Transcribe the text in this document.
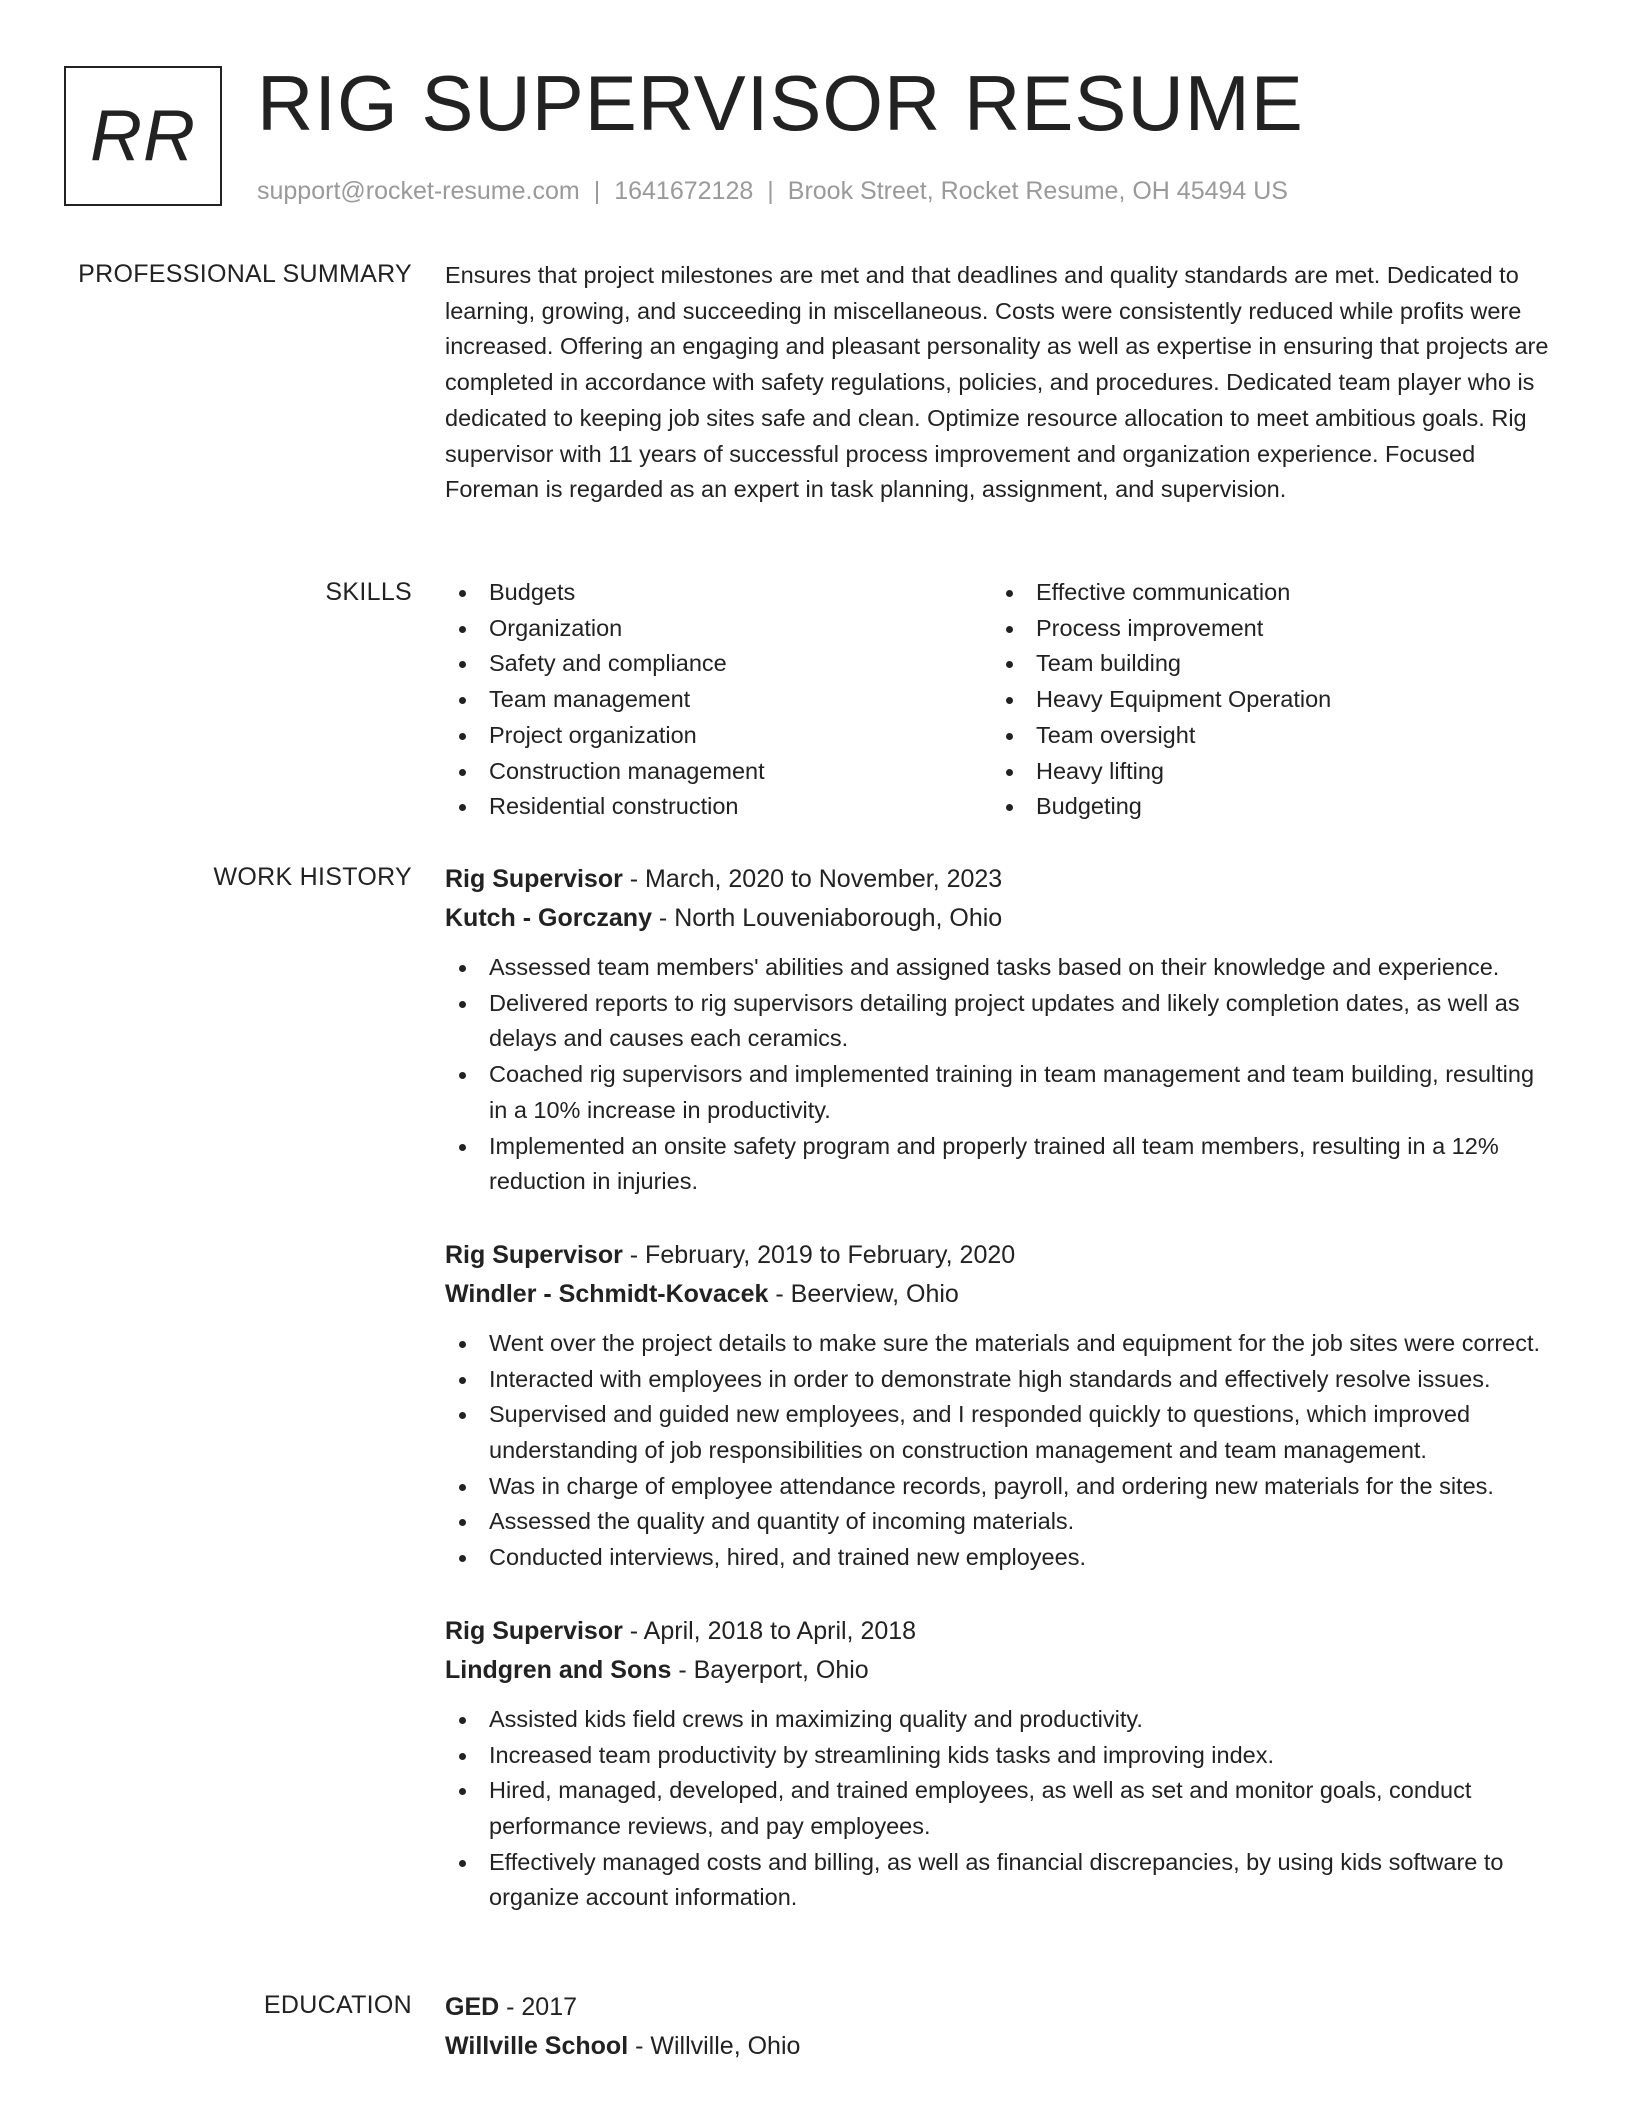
RR RIG SUPERVISOR RESUME
support@rocket-resume.com | 1641672128 | Brook Street, Rocket Resume, OH 45494 US
PROFESSIONAL SUMMARY Ensures that project milestones are met and that deadlines and quality standards are met. Dedicated to learning, growing, and succeeding in miscellaneous. Costs were consistently reduced while profits were increased. Offering an engaging and pleasant personality as well as expertise in ensuring that projects are completed in accordance with safety regulations, policies, and procedures. Dedicated team player who is dedicated to keeping job sites safe and clean. Optimize resource allocation to meet ambitious goals. Rig supervisor with 11 years of successful process improvement and organization experience. Focused Foreman is regarded as an expert in task planning, assignment, and supervision.

SKILLS	Budgets
Organization
Safety and compliance
Team management
Project organization
Construction management
Residential construction
Effective communication
Process improvement
Team building
Heavy Equipment Operation
Team oversight
Heavy lifting
Budgeting
WORK HISTORY Rig Supervisor - March, 2020 to November, 2023
Kutch - Gorczany - North Louveniaborough, Ohio
Assessed team members' abilities and assigned tasks based on their knowledge and experience.
Delivered reports to rig supervisors detailing project updates and likely completion dates, as well as delays and causes each ceramics.
Coached rig supervisors and implemented training in team management and team building, resulting in a 10% increase in productivity.
Implemented an onsite safety program and properly trained all team members, resulting in a 12% reduction in injuries.
Rig Supervisor - February, 2019 to February, 2020
Windler - Schmidt-Kovacek - Beerview, Ohio
Went over the project details to make sure the materials and equipment for the job sites were correct.
Interacted with employees in order to demonstrate high standards and effectively resolve issues.
Supervised and guided new employees, and I responded quickly to questions, which improved understanding of job responsibilities on construction management and team management.
Was in charge of employee attendance records, payroll, and ordering new materials for the sites.
Assessed the quality and quantity of incoming materials.
Conducted interviews, hired, and trained new employees.
Rig Supervisor - April, 2018 to April, 2018
Lindgren and Sons - Bayerport, Ohio
Assisted kids field crews in maximizing quality and productivity.
Increased team productivity by streamlining kids tasks and improving index.
Hired, managed, developed, and trained employees, as well as set and monitor goals, conduct performance reviews, and pay employees.
Effectively managed costs and billing, as well as financial discrepancies, by using kids software to organize account information.
EDUCATION GED - 2017
Willville School - Willville, Ohio
